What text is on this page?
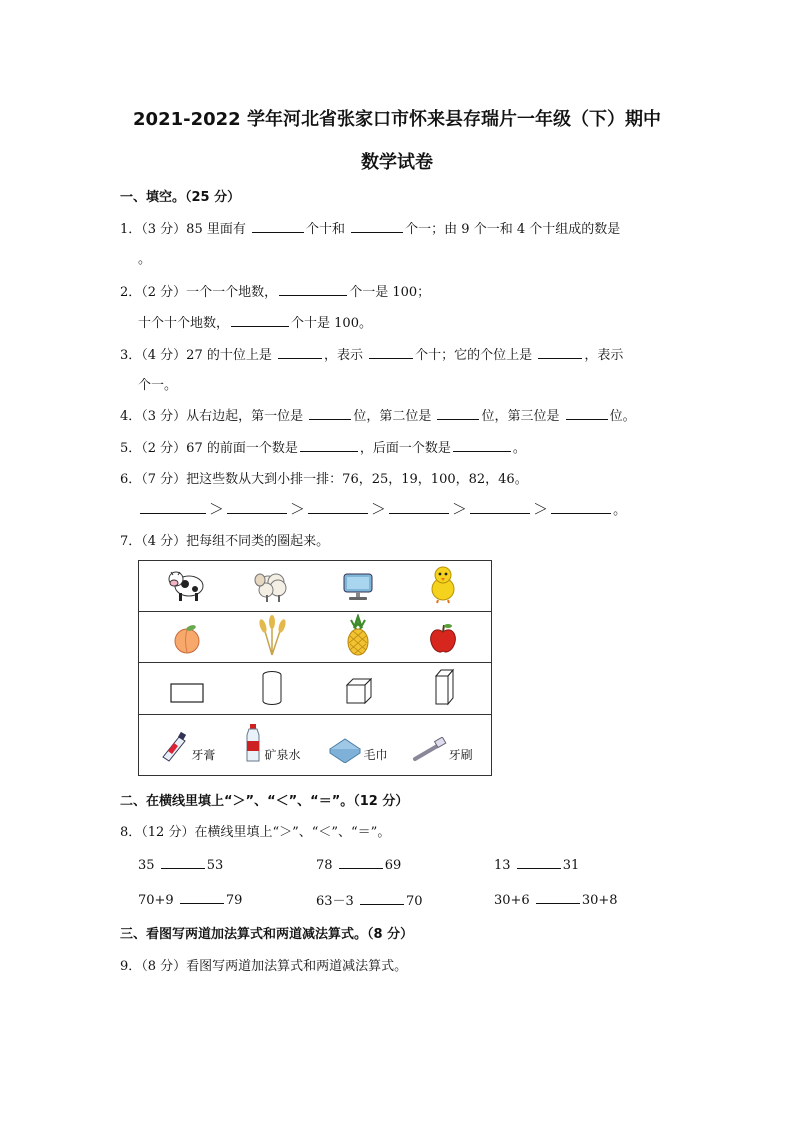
2021-2022 学年河北省张家口市怀来县存瑞片一年级（下）期中
数学试卷
一、填空。（25 分）
1．（3 分）85 里面有	个十和	个一；由 9 个一和 4 个十组成的数是
。
2．（2 分）一个一个地数，	个一是 100；
十个十个地数，	个十是 100。
3．（4 分）27 的十位上是	，表示	个十；它的个位上是	，表示
个一。
4．（3 分）从右边起，第一位是	位，第二位是	位，第三位是	位。
5．（2 分）67 的前面一个数是	，后面一个数是	。
6．（7 分）把这些数从大到小排一排：76，25，19，100，82，46。
＞	＞	＞	＞	＞	。
7．（4 分）把每组不同类的圈起来。

牙膏
	矿泉水
	毛巾
	牙刷
二、在横线里填上“＞”、“＜”、“＝”。（12 分）
8．（12 分）在横线里填上“＞”、“＜”、“＝”。
35	53	78	69	13	31
70+9	79	63－3	70	30+6	30+8
三、看图写两道加法算式和两道减法算式。（8 分）
9．（8 分）看图写两道加法算式和两道减法算式。
